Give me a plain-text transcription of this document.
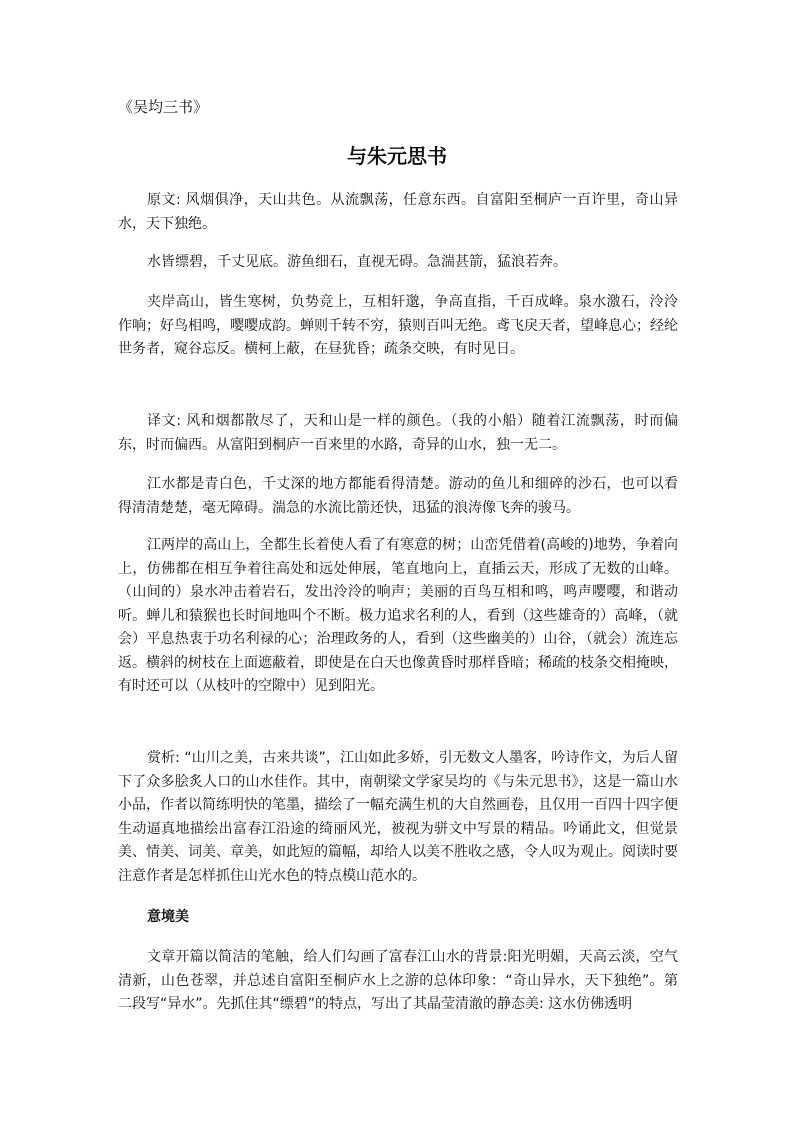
《吴均三书》
与朱元思书

原文: 风烟俱净，天山共色。从流飘荡，任意东西。自富阳至桐庐一百许里，奇山异水，天下独绝。

水皆缥碧，千丈见底。游鱼细石，直视无碍。急湍甚箭，猛浪若奔。

夹岸高山，皆生寒树，负势竞上，互相轩邈，争高直指，千百成峰。泉水激石，泠泠作响；好鸟相鸣，嘤嘤成韵。蝉则千转不穷，猿则百叫无绝。鸢飞戾天者，望峰息心；经纶世务者，窥谷忘反。横柯上蔽，在昼犹昏；疏条交映，有时见日。

译文: 风和烟都散尽了，天和山是一样的颜色。（我的小船）随着江流飘荡，时而偏东，时而偏西。从富阳到桐庐一百来里的水路，奇异的山水，独一无二。

江水都是青白色，千丈深的地方都能看得清楚。游动的鱼儿和细碎的沙石，也可以看得清清楚楚，毫无障碍。湍急的水流比箭还快，迅猛的浪涛像飞奔的骏马。

江两岸的高山上，全都生长着使人看了有寒意的树；山峦凭借着(高峻的)地势，争着向上，仿佛都在相互争着往高处和远处伸展，笔直地向上，直插云天，形成了无数的山峰。（山间的）泉水冲击着岩石，发出泠泠的响声；美丽的百鸟互相和鸣，鸣声嘤嘤，和谐动听。蝉儿和猿猴也长时间地叫个不断。极力追求名利的人，看到（这些雄奇的）高峰，（就会）平息热衷于功名利禄的心；治理政务的人，看到（这些幽美的）山谷，（就会）流连忘返。横斜的树枝在上面遮蔽着，即使是在白天也像黄昏时那样昏暗；稀疏的枝条交相掩映，有时还可以（从枝叶的空隙中）见到阳光。

赏析: “山川之美，古来共谈”，江山如此多娇，引无数文人墨客，吟诗作文，为后人留下了众多脍炙人口的山水佳作。其中，南朝梁文学家吴均的《与朱元思书》，这是一篇山水小品，作者以简练明快的笔墨，描绘了一幅充满生机的大自然画卷，且仅用一百四十四字便生动逼真地描绘出富春江沿途的绮丽风光，被视为骈文中写景的精品。吟诵此文，但觉景美、情美、词美、章美，如此短的篇幅，却给人以美不胜收之感，令人叹为观止。阅读时要注意作者是怎样抓住山光水色的特点模山范水的。

意境美

文章开篇以简洁的笔触，给人们勾画了富春江山水的背景:阳光明媚，天高云淡，空气清新，山色苍翠，并总述自富阳至桐庐水上之游的总体印象：“奇山异水，天下独绝”。第二段写“异水”。先抓住其“缥碧”的特点，写出了其晶莹清澈的静态美: 这水仿佛透明
